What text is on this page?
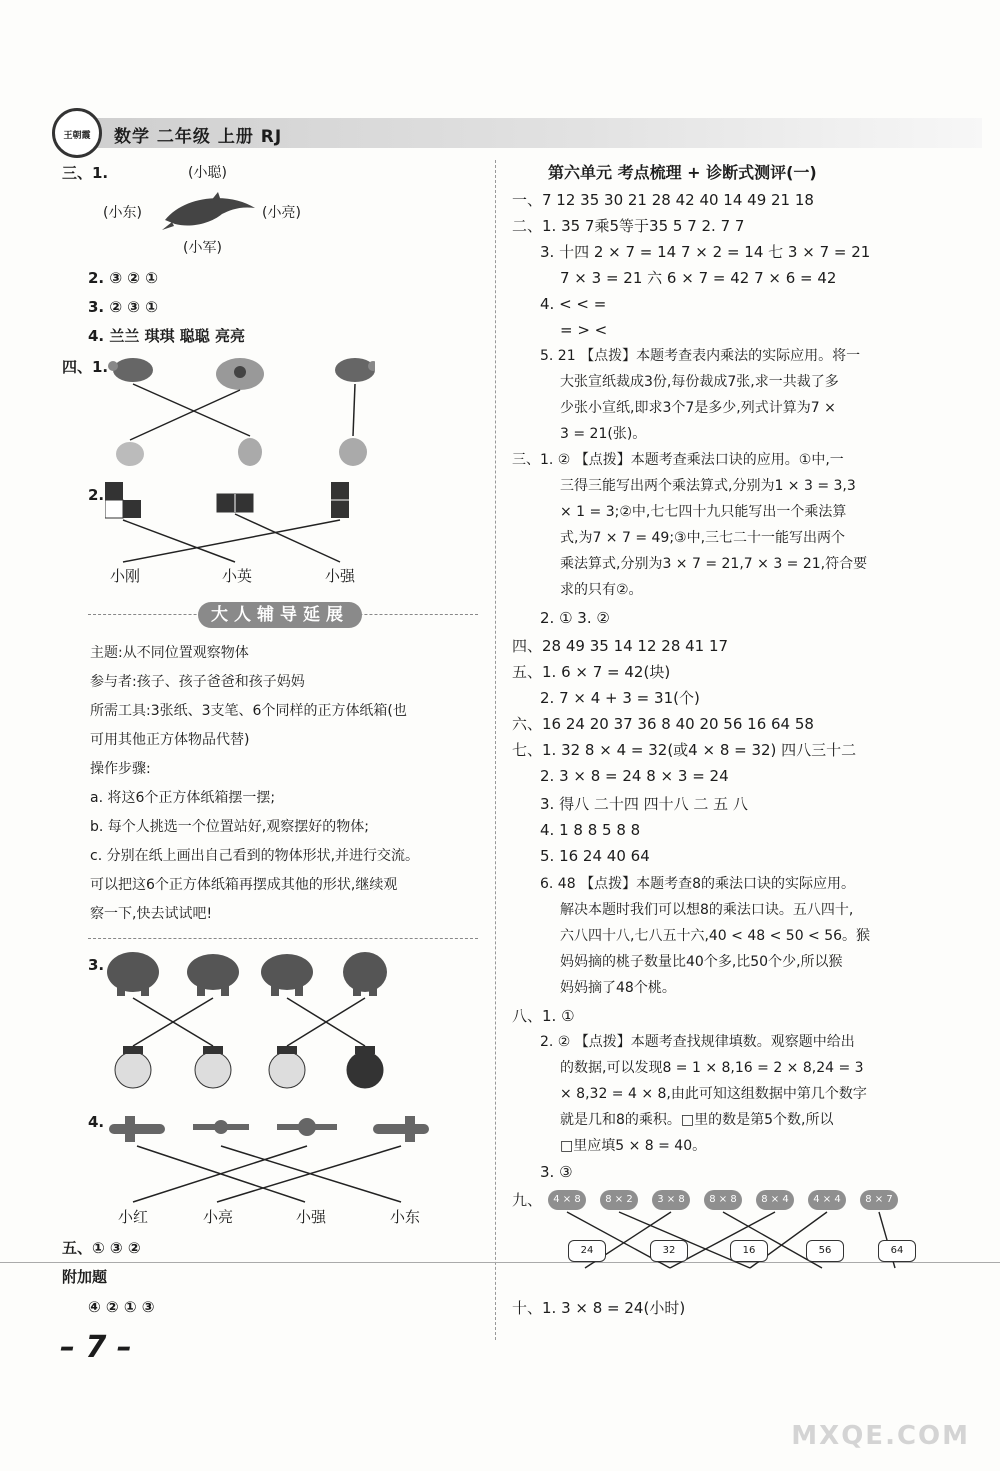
王朝霞	数学 二年级 上册 RJ
三、1.	(小聪)
(小东)	(小亮)
(小军)
2. ③ ② ①
3. ② ③ ①
4. 兰兰 琪琪 聪聪 亮亮
四、1.
2.
小刚	小英	小强
大人辅导延展
主题:从不同位置观察物体
参与者:孩子、孩子爸爸和孩子妈妈
所需工具:3张纸、3支笔、6个同样的正方体纸箱(也
可用其他正方体物品代替)
操作步骤:
a. 将这6个正方体纸箱摆一摆;
b. 每个人挑选一个位置站好,观察摆好的物体;
c. 分别在纸上画出自己看到的物体形状,并进行交流。
可以把这6个正方体纸箱再摆成其他的形状,继续观
察一下,快去试试吧!
3.
4.
小红	小亮	小强	小东
五、① ③ ②
附加题
④ ② ① ③
– 7 –
第六单元 考点梳理 + 诊断式测评(一)
一、7 12 35 30 21 28 42 40 14 49 21 18
二、1. 35 7乘5等于35 5 7 2. 7 7
3. 十四 2 × 7 = 14 7 × 2 = 14 七 3 × 7 = 21
7 × 3 = 21 六 6 × 7 = 42 7 × 6 = 42
4. < < =
= > <
5. 21 【点拨】本题考查表内乘法的实际应用。将一
大张宣纸裁成3份,每份裁成7张,求一共裁了多
少张小宣纸,即求3个7是多少,列式计算为7 ×
3 = 21(张)。
三、1. ② 【点拨】本题考查乘法口诀的应用。①中,一
三得三能写出两个乘法算式,分别为1 × 3 = 3,3
× 1 = 3;②中,七七四十九只能写出一个乘法算
式,为7 × 7 = 49;③中,三七二十一能写出两个
乘法算式,分别为3 × 7 = 21,7 × 3 = 21,符合要
求的只有②。
2. ① 3. ②
四、28 49 35 14 12 28 41 17
五、1. 6 × 7 = 42(块)
2. 7 × 4 + 3 = 31(个)
六、16 24 20 37 36 8 40 20 56 16 64 58
七、1. 32 8 × 4 = 32(或4 × 8 = 32) 四八三十二
2. 3 × 8 = 24 8 × 3 = 24
3. 得八 二十四 四十八 二 五 八
4. 1 8 8 5 8 8
5. 16 24 40 64
6. 48 【点拨】本题考查8的乘法口诀的实际应用。
解决本题时我们可以想8的乘法口诀。五八四十,
六八四十八,七八五十六,40 < 48 < 50 < 56。猴
妈妈摘的桃子数量比40个多,比50个少,所以猴
妈妈摘了48个桃。
八、1. ①
2. ② 【点拨】本题考查找规律填数。观察题中给出
的数据,可以发现8 = 1 × 8,16 = 2 × 8,24 = 3
× 8,32 = 4 × 8,由此可知这组数据中第几个数字
就是几和8的乘积。□里的数是第5个数,所以
□里应填5 × 8 = 40。
3. ③
九、	4 × 8	8 × 2	3 × 8	8 × 8	8 × 4	4 × 4	8 × 7
24	32	16	56	64
十、1. 3 × 8 = 24(小时)
MXQE.COM
